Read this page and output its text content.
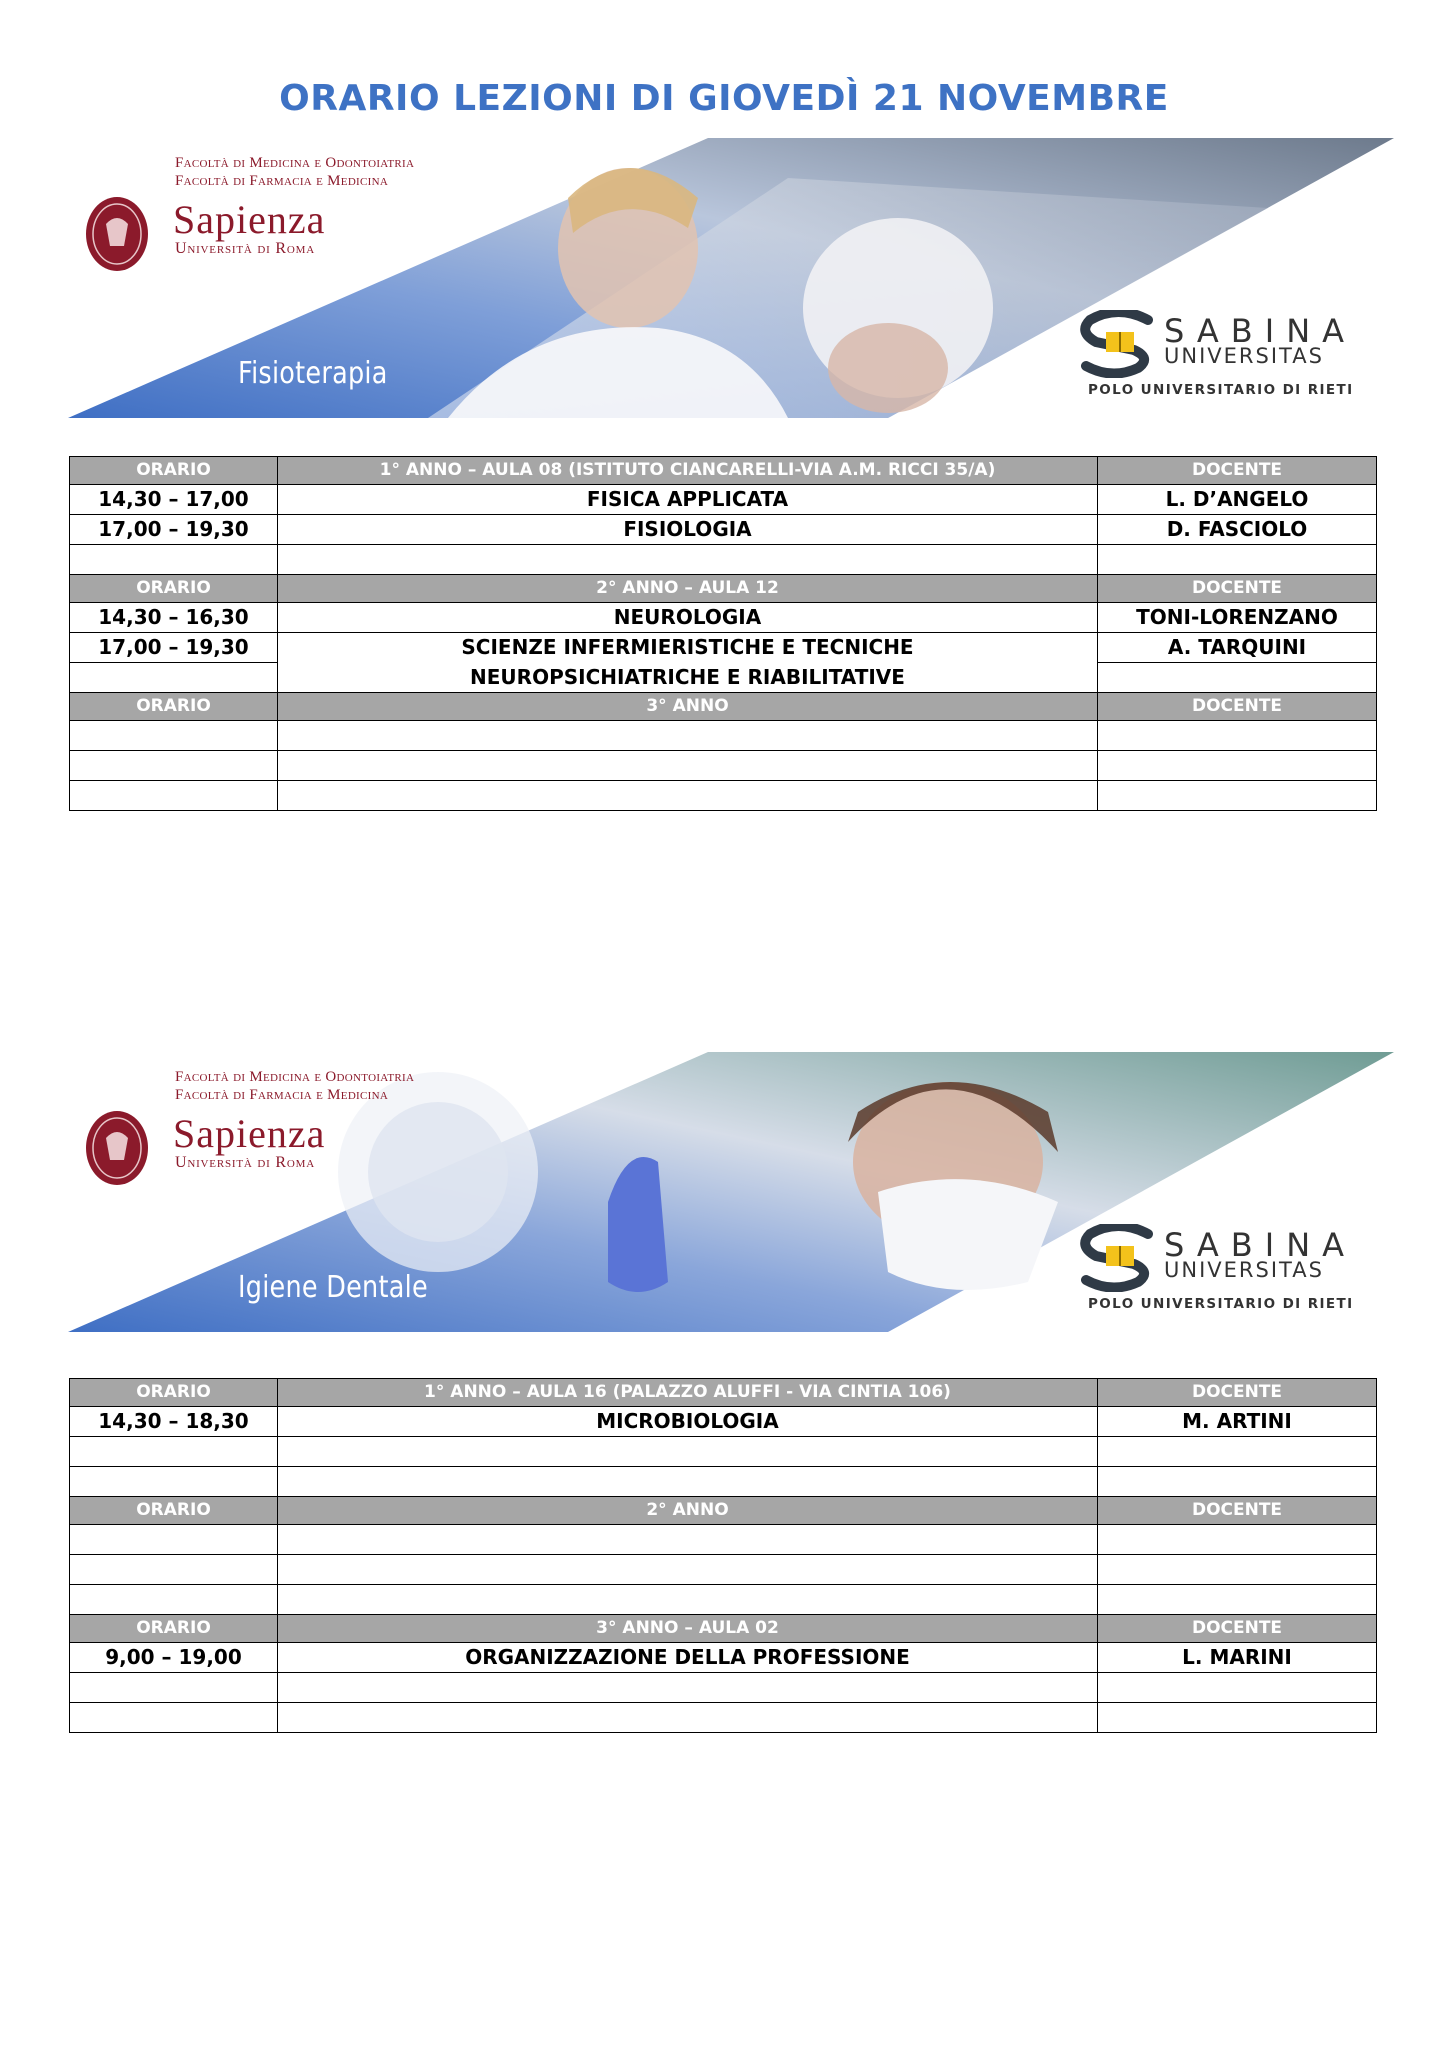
ORARIO LEZIONI DI GIOVEDÌ 21 NOVEMBRE
Facoltà di Medicina e Odontoiatria
Facoltà di Farmacia e Medicina
Sapienza
Università di Roma
Fisioterapia
SABINA
UNIVERSITAS
POLO UNIVERSITARIO DI RIETI
ORARIO	1° ANNO – AULA 08 (ISTITUTO CIANCARELLI-VIA A.M. RICCI 35/A)	DOCENTE
14,30 – 17,00	FISICA APPLICATA	L. D’ANGELO
17,00 – 19,30	FISIOLOGIA	D. FASCIOLO

ORARIO	2° ANNO – AULA 12	DOCENTE
14,30 – 16,30	NEUROLOGIA	TONI-LORENZANO
17,00 – 19,30	SCIENZE INFERMIERISTICHE E TECNICHE	A. TARQUINI
	NEUROPSICHIATRICHE E RIABILITATIVE	
ORARIO	3° ANNO	DOCENTE

Facoltà di Medicina e Odontoiatria
Facoltà di Farmacia e Medicina
Sapienza
Università di Roma
Igiene Dentale
SABINA
UNIVERSITAS
POLO UNIVERSITARIO DI RIETI
ORARIO	1° ANNO – AULA 16 (PALAZZO ALUFFI - VIA CINTIA 106)	DOCENTE
14,30 – 18,30	MICROBIOLOGIA	M. ARTINI

ORARIO	2° ANNO	DOCENTE

ORARIO	3° ANNO – AULA 02	DOCENTE
9,00 – 19,00	ORGANIZZAZIONE DELLA PROFESSIONE	L. MARINI
